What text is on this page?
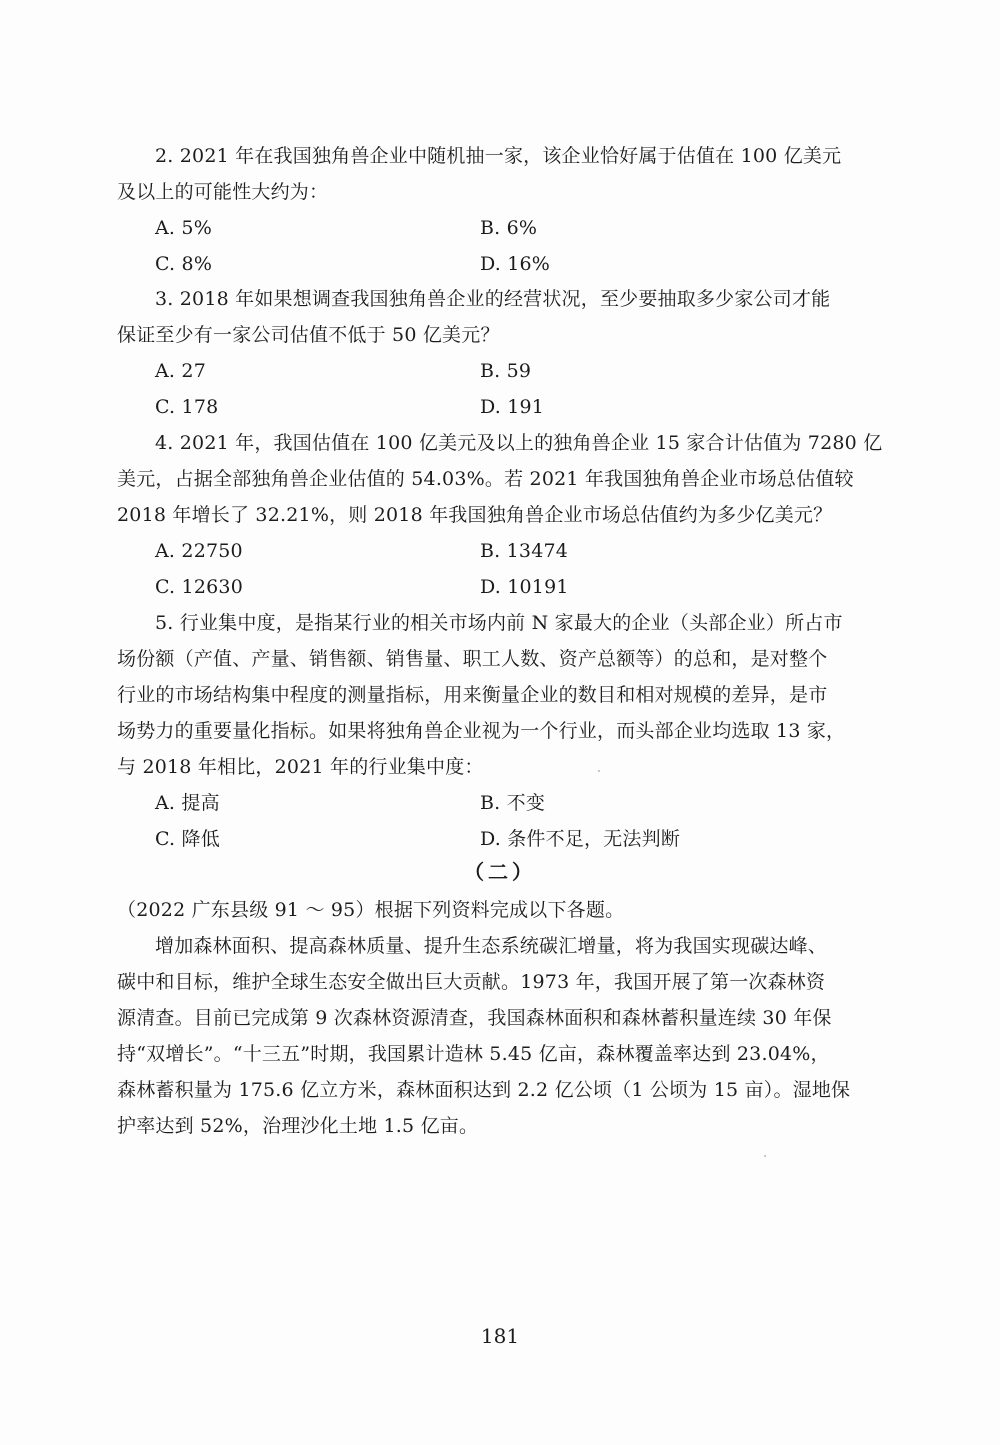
2. 2021 年在我国独角兽企业中随机抽一家，该企业恰好属于估值在 100 亿美元
及以上的可能性大约为：
A. 5%	B. 6%
C. 8%	D. 16%
3. 2018 年如果想调查我国独角兽企业的经营状况，至少要抽取多少家公司才能
保证至少有一家公司估值不低于 50 亿美元？
A. 27	B. 59
C. 178	D. 191
4. 2021 年，我国估值在 100 亿美元及以上的独角兽企业 15 家合计估值为 7280 亿
美元，占据全部独角兽企业估值的 54.03%。若 2021 年我国独角兽企业市场总估值较
2018 年增长了 32.21%，则 2018 年我国独角兽企业市场总估值约为多少亿美元？
A. 22750	B. 13474
C. 12630	D. 10191
5. 行业集中度，是指某行业的相关市场内前 N 家最大的企业（头部企业）所占市
场份额（产值、产量、销售额、销售量、职工人数、资产总额等）的总和，是对整个
行业的市场结构集中程度的测量指标，用来衡量企业的数目和相对规模的差异，是市
场势力的重要量化指标。如果将独角兽企业视为一个行业，而头部企业均选取 13 家，
与 2018 年相比，2021 年的行业集中度：
A. 提高	B. 不变
C. 降低	D. 条件不足，无法判断
（二）
（2022 广东县级 91 ～ 95）根据下列资料完成以下各题。
增加森林面积、提高森林质量、提升生态系统碳汇增量，将为我国实现碳达峰、
碳中和目标，维护全球生态安全做出巨大贡献。1973 年，我国开展了第一次森林资
源清查。目前已完成第 9 次森林资源清查，我国森林面积和森林蓄积量连续 30 年保
持“双增长”。“十三五”时期，我国累计造林 5.45 亿亩，森林覆盖率达到 23.04%，
森林蓄积量为 175.6 亿立方米，森林面积达到 2.2 亿公顷（1 公顷为 15 亩）。湿地保
护率达到 52%，治理沙化土地 1.5 亿亩。
181
